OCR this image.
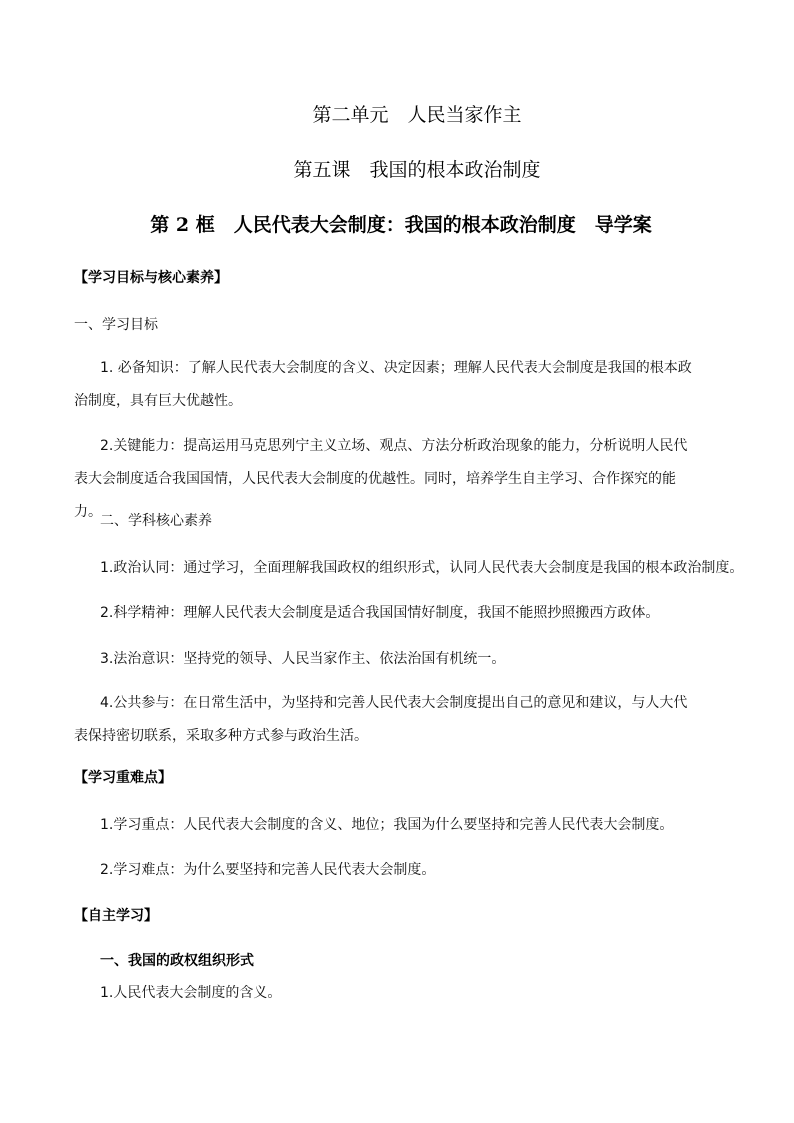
第二单元　人民当家作主
第五课　我国的根本政治制度
第 2 框　人民代表大会制度：我国的根本政治制度　导学案
【学习目标与核心素养】
一、学习目标
1. 必备知识：了解人民代表大会制度的含义、决定因素；理解人民代表大会制度是我国的根本政治制度，具有巨大优越性。
2.关键能力：提高运用马克思列宁主义立场、观点、方法分析政治现象的能力，分析说明人民代表大会制度适合我国国情，人民代表大会制度的优越性。同时，培养学生自主学习、合作探究的能力。
二、学科核心素养
1.政治认同：通过学习，全面理解我国政权的组织形式，认同人民代表大会制度是我国的根本政治制度。
2.科学精神：理解人民代表大会制度是适合我国国情好制度，我国不能照抄照搬西方政体。
3.法治意识：坚持党的领导、人民当家作主、依法治国有机统一。
4.公共参与：在日常生活中，为坚持和完善人民代表大会制度提出自己的意见和建议，与人大代表保持密切联系，采取多种方式参与政治生活。
【学习重难点】
1.学习重点：人民代表大会制度的含义、地位；我国为什么要坚持和完善人民代表大会制度。
2.学习难点：为什么要坚持和完善人民代表大会制度。
【自主学习】
一、我国的政权组织形式
1.人民代表大会制度的含义。
